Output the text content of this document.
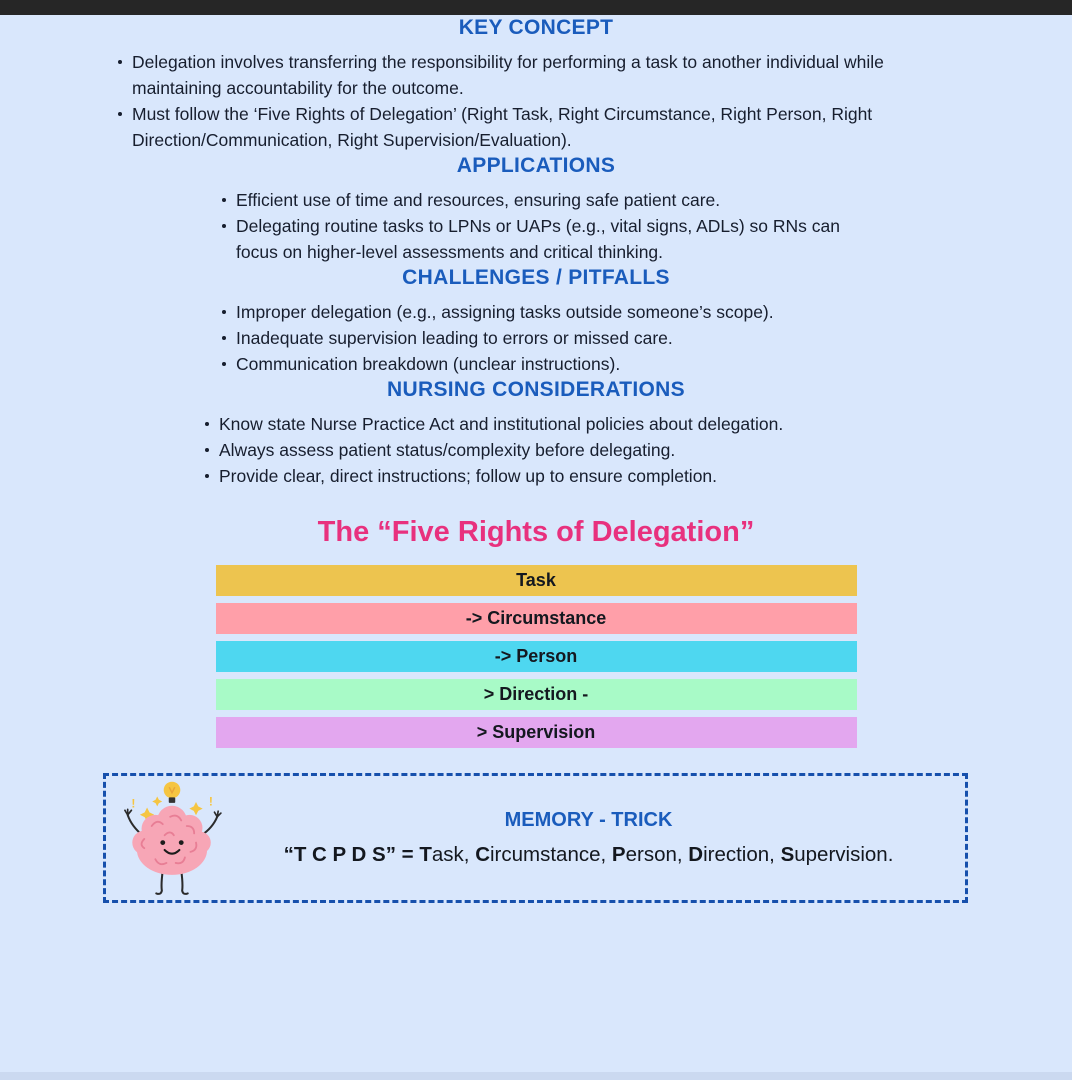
KEY CONCEPT
Delegation involves transferring the responsibility for performing a task to another individual while maintaining accountability for the outcome.
Must follow the ‘Five Rights of Delegation’ (Right Task, Right Circumstance, Right Person, Right Direction/Communication, Right Supervision/Evaluation).
APPLICATIONS
Efficient use of time and resources, ensuring safe patient care.
Delegating routine tasks to LPNs or UAPs (e.g., vital signs, ADLs) so RNs can focus on higher-level assessments and critical thinking.
CHALLENGES / PITFALLS
Improper delegation (e.g., assigning tasks outside someone’s scope).
Inadequate supervision leading to errors or missed care.
Communication breakdown (unclear instructions).
NURSING CONSIDERATIONS
Know state Nurse Practice Act and institutional policies about delegation.
Always assess patient status/complexity before delegating.
Provide clear, direct instructions; follow up to ensure completion.
The “Five Rights of Delegation”
Task
-> Circumstance
-> Person
> Direction -
> Supervision
!	!
MEMORY - TRICK
“T C P D S” = Task, Circumstance, Person, Direction, Supervision.
